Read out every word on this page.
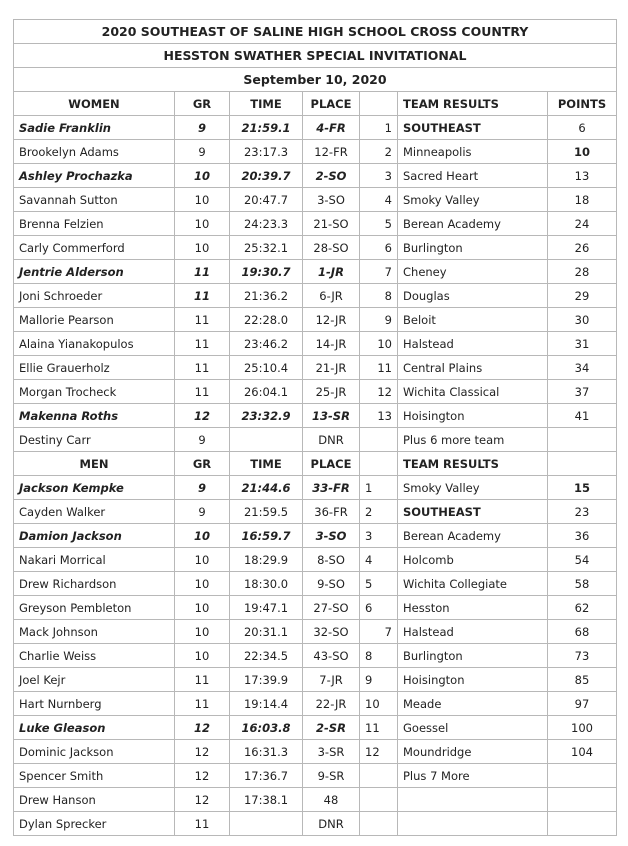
2020 SOUTHEAST OF SALINE HIGH SCHOOL CROSS COUNTRY						
HESSTON SWATHER SPECIAL INVITATIONAL						
September 10, 2020						
WOMEN	GR	TIME	PLACE		TEAM RESULTS	POINTS
Sadie Franklin	9	21:59.1	4-FR	1	SOUTHEAST	6
Brookelyn Adams	9	23:17.3	12-FR	2	Minneapolis	10
Ashley Prochazka	10	20:39.7	2-SO	3	Sacred Heart	13
Savannah Sutton	10	20:47.7	3-SO	4	Smoky Valley	18
Brenna Felzien	10	24:23.3	21-SO	5	Berean Academy	24
Carly Commerford	10	25:32.1	28-SO	6	Burlington	26
Jentrie Alderson	11	19:30.7	1-JR	7	Cheney	28
Joni Schroeder	11	21:36.2	6-JR	8	Douglas	29
Mallorie Pearson	11	22:28.0	12-JR	9	Beloit	30
Alaina Yianakopulos	11	23:46.2	14-JR	10	Halstead	31
Ellie Grauerholz	11	25:10.4	21-JR	11	Central Plains	34
Morgan Trocheck	11	26:04.1	25-JR	12	Wichita Classical	37
Makenna Roths	12	23:32.9	13-SR	13	Hoisington	41
Destiny Carr	9		DNR		Plus 6 more team	
MEN	GR	TIME	PLACE		TEAM RESULTS	
Jackson Kempke	9	21:44.6	33-FR	1	Smoky Valley	15
Cayden Walker	9	21:59.5	36-FR	2	SOUTHEAST	23
Damion Jackson	10	16:59.7	3-SO	3	Berean Academy	36
Nakari Morrical	10	18:29.9	8-SO	4	Holcomb	54
Drew Richardson	10	18:30.0	9-SO	5	Wichita Collegiate	58
Greyson Pembleton	10	19:47.1	27-SO	6	Hesston	62
Mack Johnson	10	20:31.1	32-SO	7	Halstead	68
Charlie Weiss	10	22:34.5	43-SO	8	Burlington	73
Joel Kejr	11	17:39.9	7-JR	9	Hoisington	85
Hart Nurnberg	11	19:14.4	22-JR	10	Meade	97
Luke Gleason	12	16:03.8	2-SR	11	Goessel	100
Dominic Jackson	12	16:31.3	3-SR	12	Moundridge	104
Spencer Smith	12	17:36.7	9-SR		Plus 7 More	
Drew Hanson	12	17:38.1	48			
Dylan Sprecker	11		DNR			
